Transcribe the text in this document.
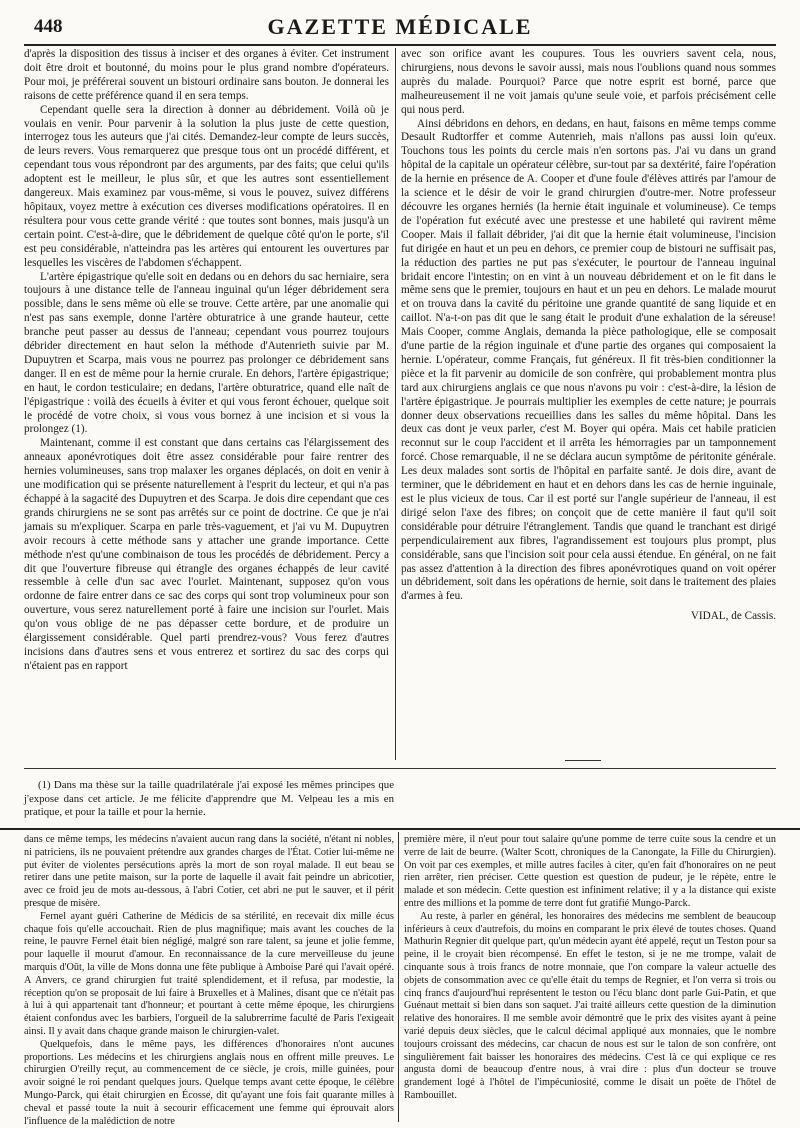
448	GAZETTE MÉDICALE

d'après la disposition des tissus à inciser et des organes à éviter. Cet instrument doit être droit et boutonné, du moins pour le plus grand nombre d'opérateurs. Pour moi, je préférerai souvent un bistouri ordinaire sans bouton. Je donnerai les raisons de cette préférence quand il en sera temps.

Cependant quelle sera la direction à donner au débridement. Voilà où je voulais en venir. Pour parvenir à la solution la plus juste de cette question, interrogez tous les auteurs que j'ai cités. Demandez-leur compte de leurs succès, de leurs revers. Vous remarquerez que presque tous ont un procédé différent, et cependant tous vous répondront par des arguments, par des faits; que celui qu'ils adoptent est le meilleur, le plus sûr, et que les autres sont essentiellement dangereux. Mais examinez par vous-même, si vous le pouvez, suivez différens hôpitaux, voyez mettre à exécution ces diverses modifications opératoires. Il en résultera pour vous cette grande vérité : que toutes sont bonnes, mais jusqu'à un certain point. C'est-à-dire, que le débridement de quelque côté qu'on le porte, s'il est peu considérable, n'atteindra pas les artères qui entourent les ouvertures par lesquelles les viscères de l'abdomen s'échappent.

L'artère épigastrique qu'elle soit en dedans ou en dehors du sac herniaire, sera toujours à une distance telle de l'anneau inguinal qu'un léger débridement sera possible, dans le sens même où elle se trouve. Cette artère, par une anomalie qui n'est pas sans exemple, donne l'artère obturatrice à une grande hauteur, cette branche peut passer au dessus de l'anneau; cependant vous pourrez toujours débrider directement en haut selon la méthode d'Autenrieth suivie par M. Dupuytren et Scarpa, mais vous ne pourrez pas prolonger ce débridement sans danger. Il en est de même pour la hernie crurale. En dehors, l'artère épigastrique; en haut, le cordon testiculaire; en dedans, l'artère obturatrice, quand elle naît de l'épigastrique : voilà des écueils à éviter et qui vous feront échouer, quelque soit le procédé de votre choix, si vous vous bornez à une incision et si vous la prolongez (1).

Maintenant, comme il est constant que dans certains cas l'élargissement des anneaux aponévrotiques doit être assez considérable pour faire rentrer des hernies volumineuses, sans trop malaxer les organes déplacés, on doit en venir à une modification qui se présente naturellement à l'esprit du lecteur, et qui n'a pas échappé à la sagacité des Dupuytren et des Scarpa. Je dois dire cependant que ces grands chirurgiens ne se sont pas arrêtés sur ce point de doctrine. Ce que je n'ai jamais su m'expliquer. Scarpa en parle très-vaguement, et j'ai vu M. Dupuytren avoir recours à cette méthode sans y attacher une grande importance. Cette méthode n'est qu'une combinaison de tous les procédés de débridement. Percy a dit que l'ouverture fibreuse qui étrangle des organes échappés de leur cavité ressemble à celle d'un sac avec l'ourlet. Maintenant, supposez qu'on vous ordonne de faire entrer dans ce sac des corps qui sont trop volumineux pour son ouverture, vous serez naturellement porté à faire une incision sur l'ourlet. Mais qu'on vous oblige de ne pas dépasser cette bordure, et de produire un élargissement considérable. Quel parti prendrez-vous? Vous ferez d'autres incisions dans d'autres sens et vous entrerez et sortirez du sac des corps qui n'étaient pas en rapport

avec son orifice avant les coupures. Tous les ouvriers savent cela, nous, chirurgiens, nous devons le savoir aussi, mais nous l'oublions quand nous sommes auprès du malade. Pourquoi? Parce que notre esprit est borné, parce que malheureusement il ne voit jamais qu'une seule voie, et parfois précisément celle qui nous perd.

Ainsi débridons en dehors, en dedans, en haut, faisons en même temps comme Desault Rudtorffer et comme Autenrieh, mais n'allons pas aussi loin qu'eux. Touchons tous les points du cercle mais n'en sortons pas. J'ai vu dans un grand hôpital de la capitale un opérateur célèbre, sur-tout par sa dextérité, faire l'opération de la hernie en présence de A. Cooper et d'une foule d'élèves attirés par l'amour de la science et le désir de voir le grand chirurgien d'outre-mer. Notre professeur découvre les organes herniés (la hernie était inguinale et volumineuse). Ce temps de l'opération fut exécuté avec une prestesse et une habileté qui ravirent même Cooper. Mais il fallait débrider, j'ai dit que la hernie était volumineuse, l'incision fut dirigée en haut et un peu en dehors, ce premier coup de bistouri ne suffisait pas, la réduction des parties ne put pas s'exécuter, le pourtour de l'anneau inguinal bridait encore l'intestin; on en vint à un nouveau débridement et on le fit dans le même sens que le premier, toujours en haut et un peu en dehors. Le malade mourut et on trouva dans la cavité du péritoine une grande quantité de sang liquide et en caillot. N'a-t-on pas dit que le sang était le produit d'une exhalation de la séreuse! Mais Cooper, comme Anglais, demanda la pièce pathologique, elle se composait d'une partie de la région inguinale et d'une partie des organes qui composaient la hernie. L'opérateur, comme Français, fut généreux. Il fit très-bien conditionner la pièce et la fit parvenir au domicile de son confrère, qui probablement montra plus tard aux chirurgiens anglais ce que nous n'avons pu voir : c'est-à-dire, la lésion de l'artère épigastrique. Je pourrais multiplier les exemples de cette nature; je pourrais donner deux observations recueillies dans les salles du même hôpital. Dans les deux cas dont je veux parler, c'est M. Boyer qui opéra. Mais cet habile praticien reconnut sur le coup l'accident et il arrêta les hémorragies par un tamponnement forcé. Chose remarquable, il ne se déclara aucun symptôme de péritonite générale. Les deux malades sont sortis de l'hôpital en parfaite santé. Je dois dire, avant de terminer, que le débridement en haut et en dehors dans les cas de hernie inguinale, est le plus vicieux de tous. Car il est porté sur l'angle supérieur de l'anneau, il est dirigé selon l'axe des fibres; on conçoit que de cette manière il faut qu'il soit considérable pour détruire l'étranglement. Tandis que quand le tranchant est dirigé perpendiculairement aux fibres, l'agrandissement est toujours plus prompt, plus considérable, sans que l'incision soit pour cela aussi étendue. En général, on ne fait pas assez d'attention à la direction des fibres aponévrotiques quand on voit opérer un débridement, soit dans les opérations de hernie, soit dans le traitement des plaies d'armes à feu.

VIDAL, de Cassis.

(1) Dans ma thèse sur la taille quadrilatérale j'ai exposé les mêmes principes que j'expose dans cet article. Je me félicite d'apprendre que M. Velpeau les a mis en pratique, et pour la taille et pour la hernie.

dans ce même temps, les médecins n'avaient aucun rang dans la société, n'étant ni nobles, ni patriciens, ils ne pouvaient prétendre aux grandes charges de l'État. Cotier lui-même ne put éviter de violentes persécutions après la mort de son royal malade. Il eut beau se retirer dans une petite maison, sur la porte de laquelle il avait fait peindre un abricotier, avec ce froid jeu de mots au-dessous, à l'abri Cotier, cet abri ne put le sauver, et il périt presque de misère.

Fernel ayant guéri Catherine de Médicis de sa stérilité, en recevait dix mille écus chaque fois qu'elle accouchait. Rien de plus magnifique; mais avant les couches de la reine, le pauvre Fernel était bien négligé, malgré son rare talent, sa jeune et jolie femme, pour laquelle il mourut d'amour. En reconnaissance de la cure merveilleuse du jeune marquis d'Oût, la ville de Mons donna une fête publique à Amboise Paré qui l'avait opéré. A Anvers, ce grand chirurgien fut traité splendidement, et il refusa, par modestie, la réception qu'on se proposait de lui faire à Bruxelles et à Malines, disant que ce n'était pas à lui à qui appartenait tant d'honneur; et pourtant à cette même époque, les chirurgiens étaient confondus avec les barbiers, l'orgueil de la salubrerrime faculté de Paris l'exigeait ainsi. Il y avait dans chaque grande maison le chirurgien-valet.

Quelquefois, dans le même pays, les différences d'honoraires n'ont aucunes proportions. Les médecins et les chirurgiens anglais nous en offrent mille preuves. Le chirurgien O'reilly reçut, au commencement de ce siècle, je crois, mille guinées, pour avoir soigné le roi pendant quelques jours. Quelque temps avant cette époque, le célèbre Mungo-Parck, qui était chirurgien en Écosse, dit qu'ayant une fois fait quarante milles à cheval et passé toute la nuit à secourir efficacement une femme qui éprouvait alors l'influence de la malédiction de notre

première mère, il n'eut pour tout salaire qu'une pomme de terre cuite sous la cendre et un verre de lait de beurre. (Walter Scott, chroniques de la Canongate, la Fille du Chirurgien). On voit par ces exemples, et mille autres faciles à citer, qu'en fait d'honoraires on ne peut rien arrêter, rien préciser. Cette question est question de pudeur, je le répète, entre le malade et son médecin. Cette question est infiniment relative; il y a la distance qui existe entre des millions et la pomme de terre dont fut gratifié Mungo-Parck.

Au reste, à parler en général, les honoraires des médecins me semblent de beaucoup inférieurs à ceux d'autrefois, du moins en comparant le prix élevé de toutes choses. Quand Mathurin Regnier dit quelque part, qu'un médecin ayant été appelé, reçut un Teston pour sa peine, il le croyait bien récompensé. En effet le teston, si je ne me trompe, valait de cinquante sous à trois francs de notre monnaie, que l'on compare la valeur actuelle des objets de consommation avec ce qu'elle était du temps de Regnier, et l'on verra si trois ou cinq francs d'aujourd'hui représentent le teston ou l'écu blanc dont parle Gui-Patin, et que Guénaut mettait si bien dans son saquet. J'ai traité ailleurs cette question de la diminution relative des honoraires. Il me semble avoir démontré que le prix des visites ayant à peine varié depuis deux siècles, que le calcul décimal appliqué aux monnaies, que le nombre toujours croissant des médecins, car chacun de nous est sur le talon de son confrère, ont singulièrement fait baisser les honoraires des médecins. C'est là ce qui explique ce res angusta domi de beaucoup d'entre nous, à vrai dire : plus d'un docteur se trouve grandement logé à l'hôtel de l'impécuniosité, comme le disait un poëte de l'hôtel de Rambouillet.
